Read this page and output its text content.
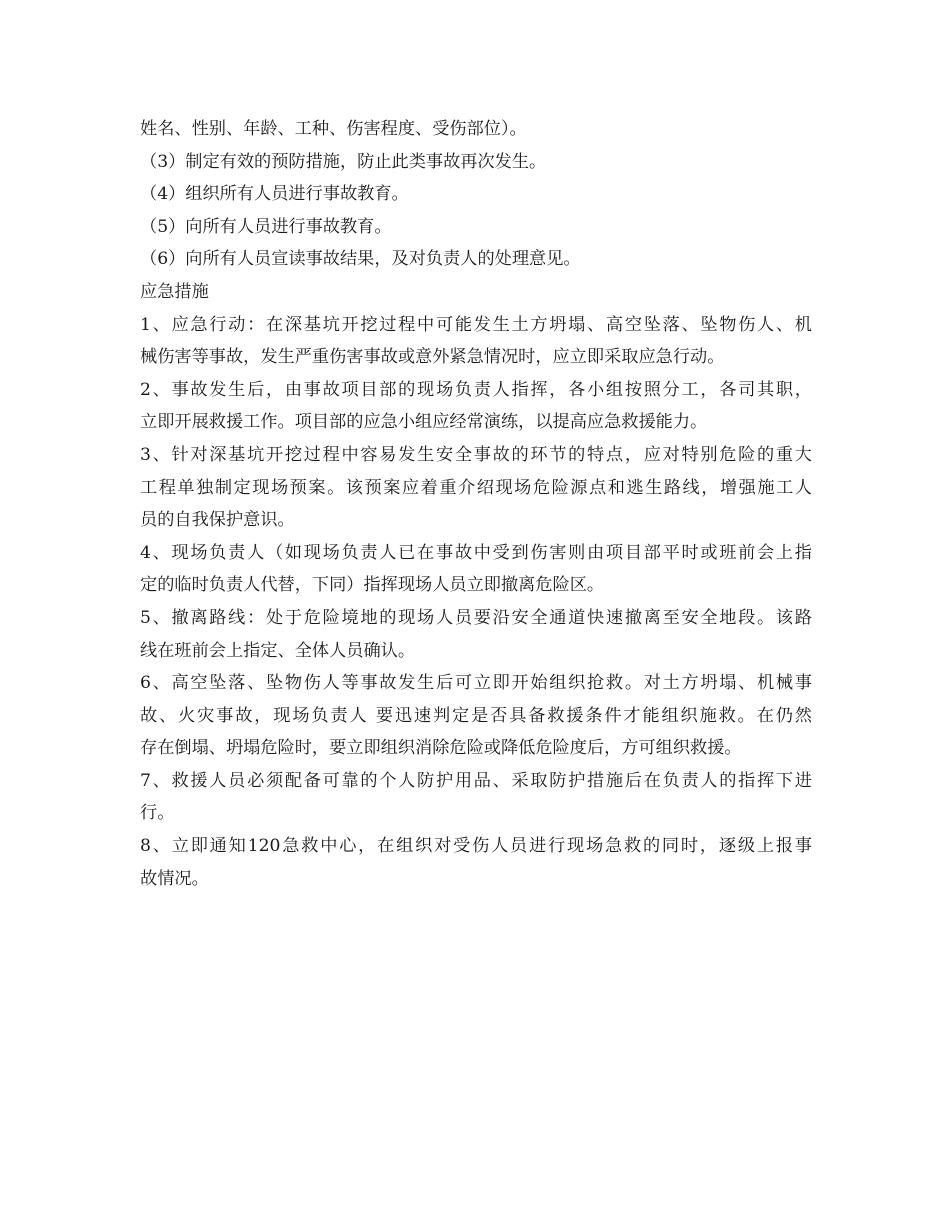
姓名、性别、年龄、工种、伤害程度、受伤部位）。
（3）制定有效的预防措施，防止此类事故再次发生。
（4）组织所有人员进行事故教育。
（5）向所有人员进行事故教育。
（6）向所有人员宣读事故结果，及对负责人的处理意见。
应急措施
1、应急行动：在深基坑开挖过程中可能发生土方坍塌、高空坠落、坠物伤人、机
械伤害等事故，发生严重伤害事故或意外紧急情况时，应立即采取应急行动。
2、事故发生后，由事故项目部的现场负责人指挥，各小组按照分工，各司其职，
立即开展救援工作。项目部的应急小组应经常演练，以提高应急救援能力。
3、针对深基坑开挖过程中容易发生安全事故的环节的特点，应对特别危险的重大
工程单独制定现场预案。该预案应着重介绍现场危险源点和逃生路线，增强施工人
员的自我保护意识。
4、现场负责人（如现场负责人已在事故中受到伤害则由项目部平时或班前会上指
定的临时负责人代替，下同）指挥现场人员立即撤离危险区。
5、撤离路线：处于危险境地的现场人员要沿安全通道快速撤离至安全地段。该路
线在班前会上指定、全体人员确认。
6、高空坠落、坠物伤人等事故发生后可立即开始组织抢救。对土方坍塌、机械事
故、火灾事故，现场负责人 要迅速判定是否具备救援条件才能组织施救。在仍然
存在倒塌、坍塌危险时，要立即组织消除危险或降低危险度后，方可组织救援。
7、救援人员必须配备可靠的个人防护用品、采取防护措施后在负责人的指挥下进
行。
8、立即通知120急救中心，在组织对受伤人员进行现场急救的同时，逐级上报事
故情况。
